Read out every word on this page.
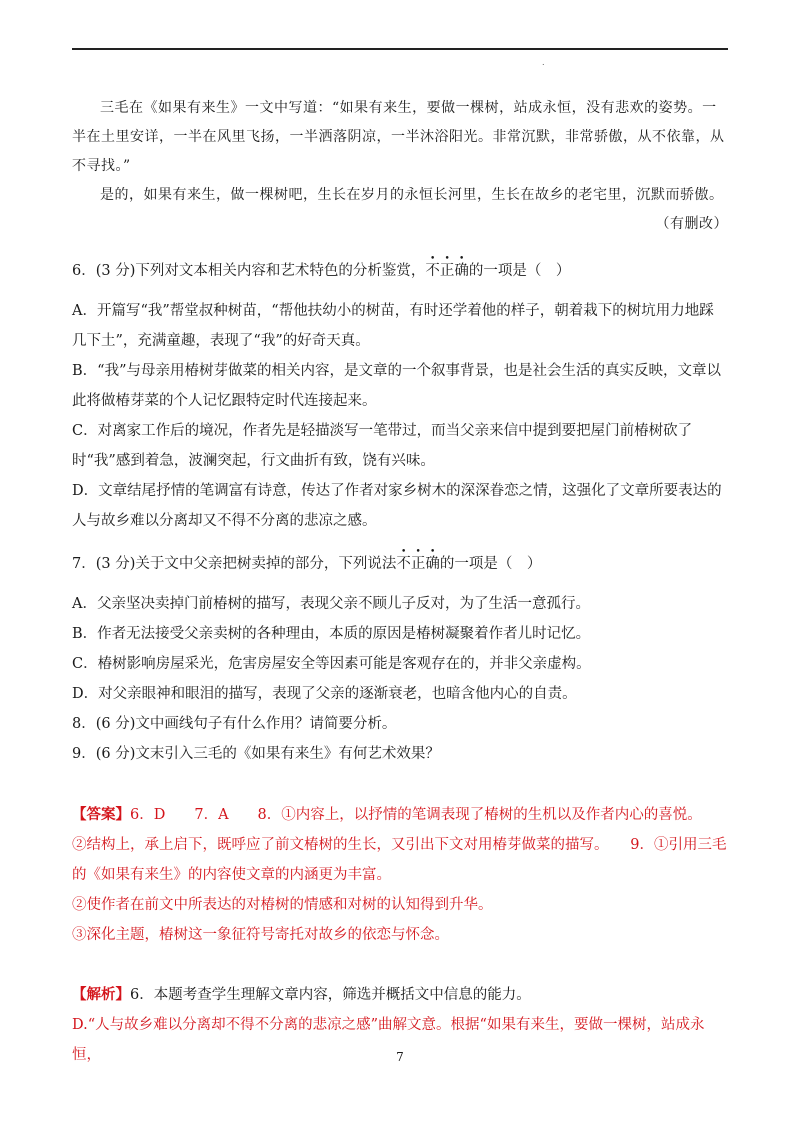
.

三毛在《如果有来生》一文中写道：“如果有来生，要做一棵树，站成永恒，没有悲欢的姿势。一半在土里安详，一半在风里飞扬，一半洒落阴凉，一半沐浴阳光。非常沉默，非常骄傲，从不依靠，从不寻找。”

是的，如果有来生，做一棵树吧，生长在岁月的永恒长河里，生长在故乡的老宅里，沉默而骄傲。

（有删改）

6．(3 分)下列对文本相关内容和艺术特色的分析鉴赏，不正确的一项是（　）

A．开篇写“我”帮堂叔种树苗，“帮他扶幼小的树苗，有时还学着他的样子，朝着栽下的树坑用力地踩几下土”，充满童趣，表现了“我”的好奇天真。

B．“我”与母亲用椿树芽做菜的相关内容，是文章的一个叙事背景，也是社会生活的真实反映，文章以此将做椿芽菜的个人记忆跟特定时代连接起来。

C．对离家工作后的境况，作者先是轻描淡写一笔带过，而当父亲来信中提到要把屋门前椿树砍了时“我”感到着急，波澜突起，行文曲折有致，饶有兴味。

D．文章结尾抒情的笔调富有诗意，传达了作者对家乡树木的深深眷恋之情，这强化了文章所要表达的人与故乡难以分离却又不得不分离的悲凉之感。

7．(3 分)关于文中父亲把树卖掉的部分，下列说法不正确的一项是（　）

A．父亲坚决卖掉门前椿树的描写，表现父亲不顾儿子反对，为了生活一意孤行。

B．作者无法接受父亲卖树的各种理由，本质的原因是椿树凝聚着作者儿时记忆。

C．椿树影响房屋采光，危害房屋安全等因素可能是客观存在的，并非父亲虚构。

D．对父亲眼神和眼泪的描写，表现了父亲的逐渐衰老，也暗含他内心的自责。

8．(6 分)文中画线句子有什么作用？请简要分析。

9．(6 分)文末引入三毛的《如果有来生》有何艺术效果？

【答案】6．D　　7．A　　8．①内容上，以抒情的笔调表现了椿树的生机以及作者内心的喜悦。

②结构上，承上启下，既呼应了前文椿树的生长，又引出下文对用椿芽做菜的描写。　　9．①引用三毛

的《如果有来生》的内容使文章的内涵更为丰富。

②使作者在前文中所表达的对椿树的情感和对树的认知得到升华。

③深化主题，椿树这一象征符号寄托对故乡的依恋与怀念。

【解析】6．本题考查学生理解文章内容，筛选并概括文中信息的能力。

D.“人与故乡难以分离却不得不分离的悲凉之感”曲解文意。根据“如果有来生，要做一棵树，站成永恒，	7
